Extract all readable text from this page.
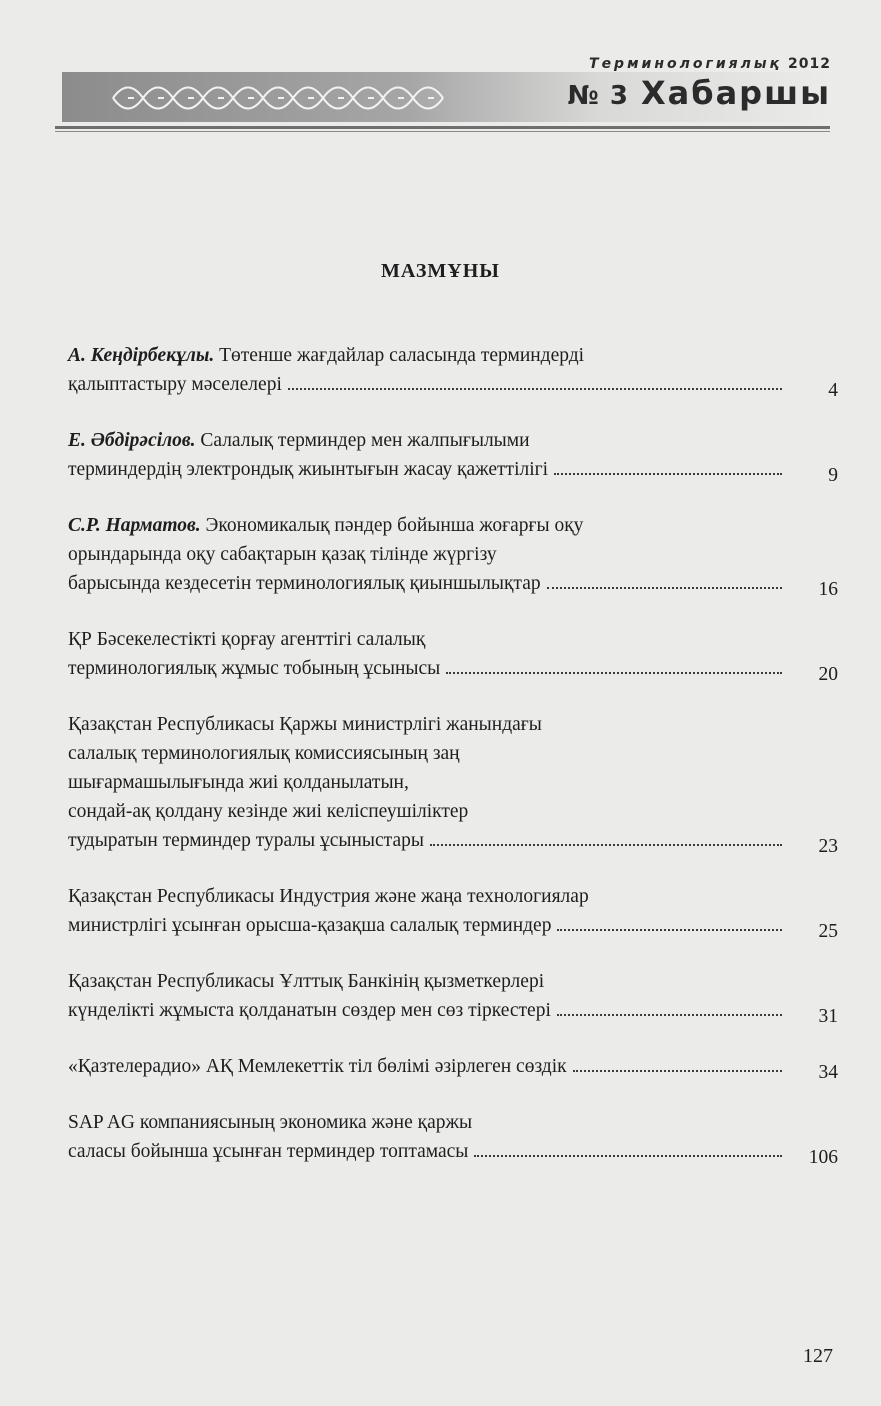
Терминологиялық 2012
№ 3 Хабаршы
МАЗМҰНЫ
А. Кеңдірбекұлы. Төтенше жағдайлар саласында терминдерді
қалыптастыру мәселелері	4
Е. Әбдірәсілов. Салалық терминдер мен жалпығылыми
терминдердің электрондық жиынтығын жасау қажеттілігі	9
С.Р. Нарматов. Экономикалық пәндер бойынша жоғарғы оқу
орындарында оқу сабақтарын қазақ тілінде жүргізу
барысында кездесетін терминологиялық қиыншылықтар	16
ҚР Бәсекелестікті қорғау агенттігі салалық
терминологиялық жұмыс тобының ұсынысы	20
Қазақстан Республикасы Қаржы министрлігі жанындағы
салалық терминологиялық комиссиясының заң
шығармашылығында жиі қолданылатын,
сондай-ақ қолдану кезінде жиі келіспеушіліктер
тудыратын терминдер туралы ұсыныстары	23
Қазақстан Республикасы Индустрия және жаңа технологиялар
министрлігі ұсынған орысша-қазақша салалық терминдер	25
Қазақстан Республикасы Ұлттық Банкінің қызметкерлері
күнделікті жұмыста қолданатын сөздер мен сөз тіркестері	31
«Қазтелерадио» АҚ Мемлекеттік тіл бөлімі әзірлеген сөздік	34
SAP AG компаниясының экономика және қаржы
саласы бойынша ұсынған терминдер топтамасы	106
127
